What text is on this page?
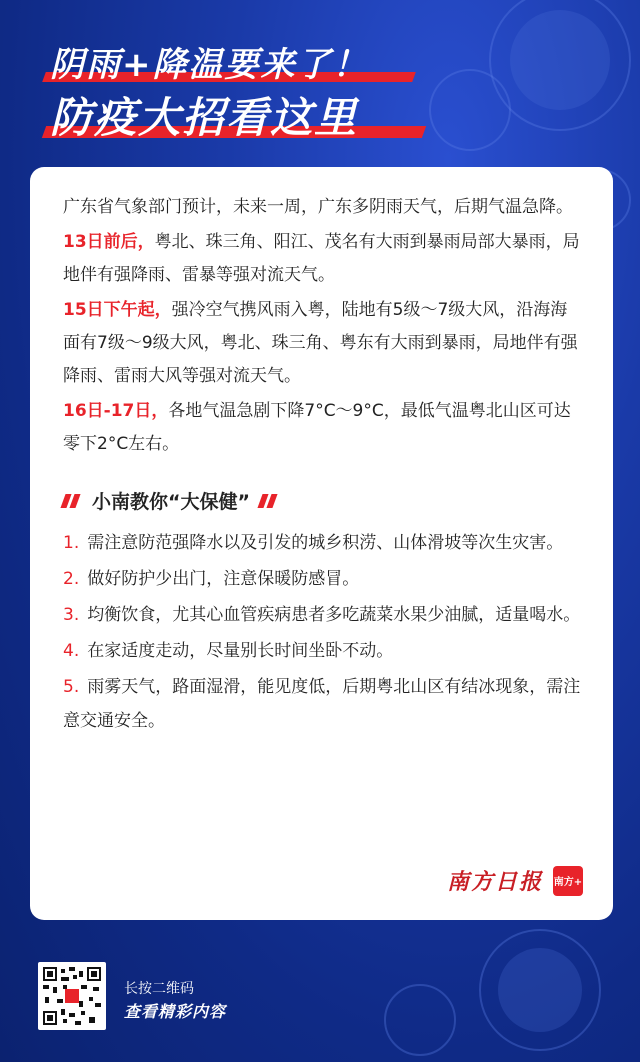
阴雨+降温要来了！

防疫大招看这里

广东省气象部门预计，未来一周，广东多阴雨天气，后期气温急降。

13日前后，粤北、珠三角、阳江、茂名有大雨到暴雨局部大暴雨，局地伴有强降雨、雷暴等强对流天气。

15日下午起，强冷空气携风雨入粤，陆地有5级～7级大风，沿海海面有7级～9级大风，粤北、珠三角、粤东有大雨到暴雨，局地伴有强降雨、雷雨大风等强对流天气。

16日-17日，各地气温急剧下降7°C～9°C，最低气温粤北山区可达零下2°C左右。

小南教你“大保健”
1. 需注意防范强降水以及引发的城乡积涝、山体滑坡等次生灾害。
2. 做好防护少出门，注意保暖防感冒。
3. 均衡饮食，尤其心血管疾病患者多吃蔬菜水果少油腻，适量喝水。
4. 在家适度走动，尽量别长时间坐卧不动。
5. 雨雾天气，路面湿滑，能见度低，后期粤北山区有结冰现象，需注意交通安全。
南方日报 南方+
长按二维码
查看精彩内容
